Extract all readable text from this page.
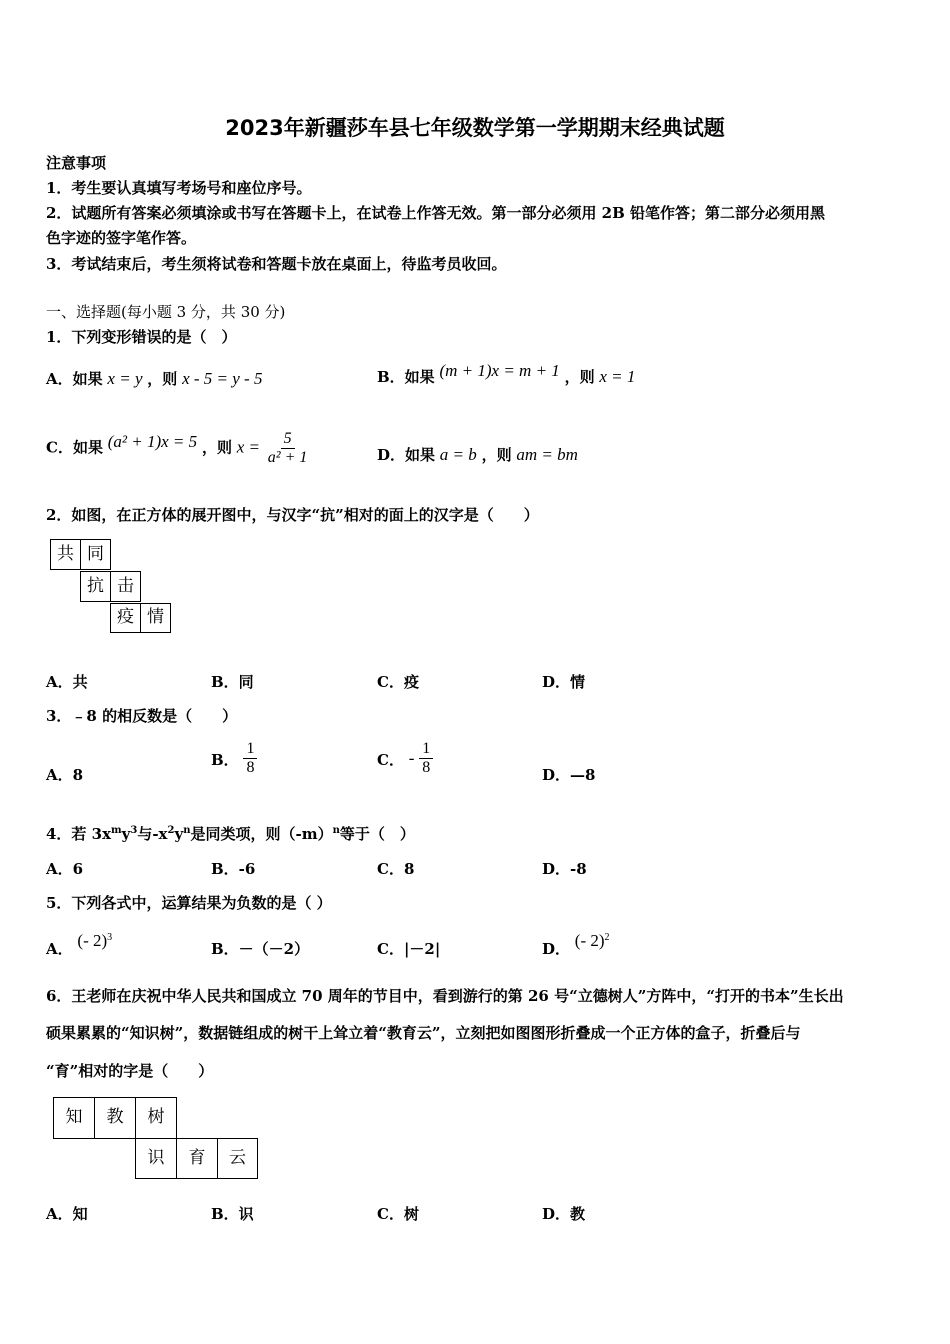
2023年新疆莎车县七年级数学第一学期期末经典试题
注意事项
1．考生要认真填写考场号和座位序号。
2．试题所有答案必须填涂或书写在答题卡上，在试卷上作答无效。第一部分必须用 2B 铅笔作答；第二部分必须用黑
色字迹的签字笔作答。
3．考试结束后，考生须将试卷和答题卡放在桌面上，待监考员收回。
一、选择题(每小题 3 分，共 30 分)
1．下列变形错误的是（　）
A．如果 x = y ，则 x - 5 = y - 5	B．如果 (m + 1)x = m + 1 ，则 x = 1
C．如果 (a² + 1)x = 5 ，则 $x = \frac{5}{\text{a² + 1}}$	D．如果 a = b ，则 am = bm
2．如图，在正方体的展开图中，与汉字“抗”相对的面上的汉字是（　　）
共 同
抗 击
疫 情
A．共	B．同	C．疫	D．情
3．﹣8 的相反数是（　　）
A．8
B． $\frac{1}{8}$	C． - $\frac{1}{8}$	D．—8
4．若 $3x^my^3$与$-x^2y^n$是同类项，则$(-m)^n$等于（　）
A．6	B．-6	C．8	D．-8
5．下列各式中，运算结果为负数的是（ ）
A． (- 2)$^3$
B．－（－2）	C．|－2|	D． (- 2)$^2$
6．王老师在庆祝中华人民共和国成立 70 周年的节目中，看到游行的第 26 号“立德树人”方阵中，“打开的书本”生长出
硕果累累的“知识树”，数据链组成的树干上耸立着“教育云”，立刻把如图图形折叠成一个正方体的盒子，折叠后与
“育”相对的字是（　　）
知	教	树
识	育	云
A．知	B．识	C．树	D．教
